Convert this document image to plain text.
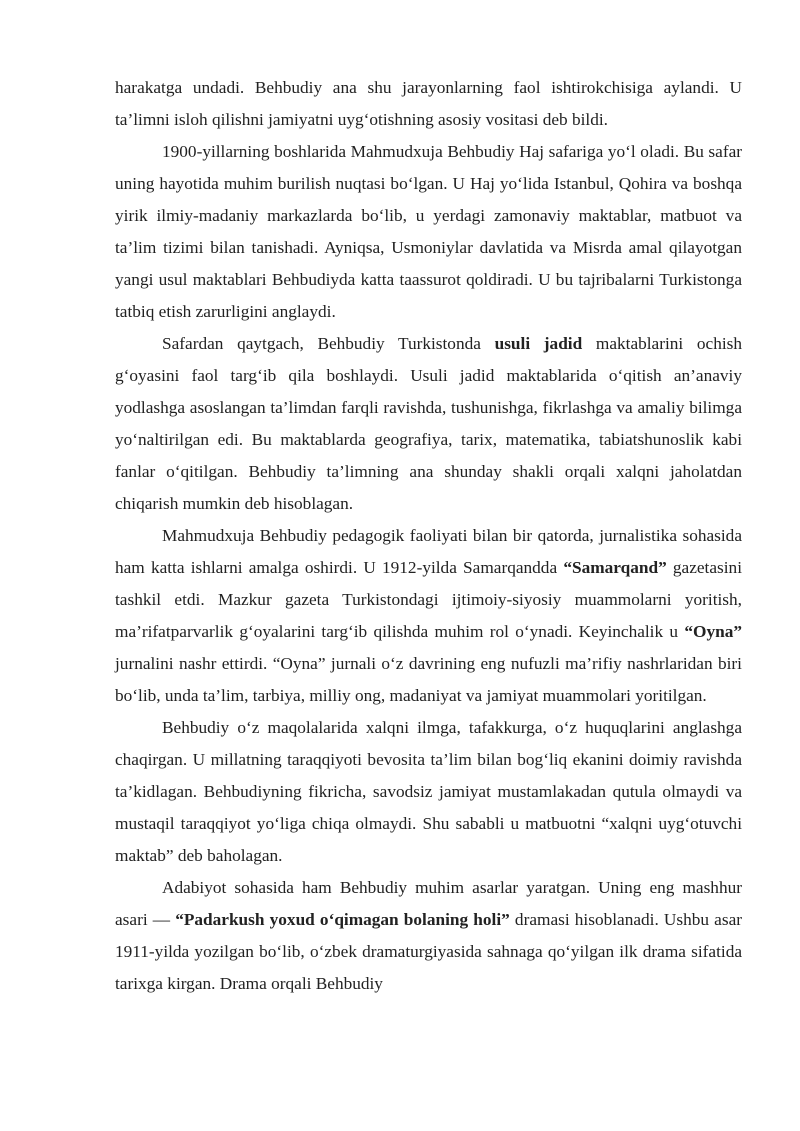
harakatga undadi. Behbudiy ana shu jarayonlarning faol ishtirokchisiga aylandi. U ta’limni isloh qilishni jamiyatni uyg‘otishning asosiy vositasi deb bildi.

1900-yillarning boshlarida Mahmudxuja Behbudiy Haj safariga yo‘l oladi. Bu safar uning hayotida muhim burilish nuqtasi bo‘lgan. U Haj yo‘lida Istanbul, Qohira va boshqa yirik ilmiy-madaniy markazlarda bo‘lib, u yerdagi zamonaviy maktablar, matbuot va ta’lim tizimi bilan tanishadi. Ayniqsa, Usmoniylar davlatida va Misrda amal qilayotgan yangi usul maktablari Behbudiyda katta taassurot qoldiradi. U bu tajribalarni Turkistonga tatbiq etish zarurligini anglaydi.

Safardan qaytgach, Behbudiy Turkistonda usuli jadid maktablarini ochish g‘oyasini faol targ‘ib qila boshlaydi. Usuli jadid maktablarida o‘qitish an’anaviy yodlashga asoslangan ta’limdan farqli ravishda, tushunishga, fikrlashga va amaliy bilimga yo‘naltirilgan edi. Bu maktablarda geografiya, tarix, matematika, tabiatshunoslik kabi fanlar o‘qitilgan. Behbudiy ta’limning ana shunday shakli orqali xalqni jaholatdan chiqarish mumkin deb hisoblagan.

Mahmudxuja Behbudiy pedagogik faoliyati bilan bir qatorda, jurnalistika sohasida ham katta ishlarni amalga oshirdi. U 1912-yilda Samarqandda “Samarqand” gazetasini tashkil etdi. Mazkur gazeta Turkistondagi ijtimoiy-siyosiy muammolarni yoritish, ma’rifatparvarlik g‘oyalarini targ‘ib qilishda muhim rol o‘ynadi. Keyinchalik u “Oyna” jurnalini nashr ettirdi. “Oyna” jurnali o‘z davrining eng nufuzli ma’rifiy nashrlaridan biri bo‘lib, unda ta’lim, tarbiya, milliy ong, madaniyat va jamiyat muammolari yoritilgan.

Behbudiy o‘z maqolalarida xalqni ilmga, tafakkurga, o‘z huquqlarini anglashga chaqirgan. U millatning taraqqiyoti bevosita ta’lim bilan bog‘liq ekanini doimiy ravishda ta’kidlagan. Behbudiyning fikricha, savodsiz jamiyat mustamlakadan qutula olmaydi va mustaqil taraqqiyot yo‘liga chiqa olmaydi. Shu sababli u matbuotni “xalqni uyg‘otuvchi maktab” deb baholagan.

Adabiyot sohasida ham Behbudiy muhim asarlar yaratgan. Uning eng mashhur asari — “Padarkush yoxud o‘qimagan bolaning holi” dramasi hisoblanadi. Ushbu asar 1911-yilda yozilgan bo‘lib, o‘zbek dramaturgiyasida sahnaga qo‘yilgan ilk drama sifatida tarixga kirgan. Drama orqali Behbudiy
